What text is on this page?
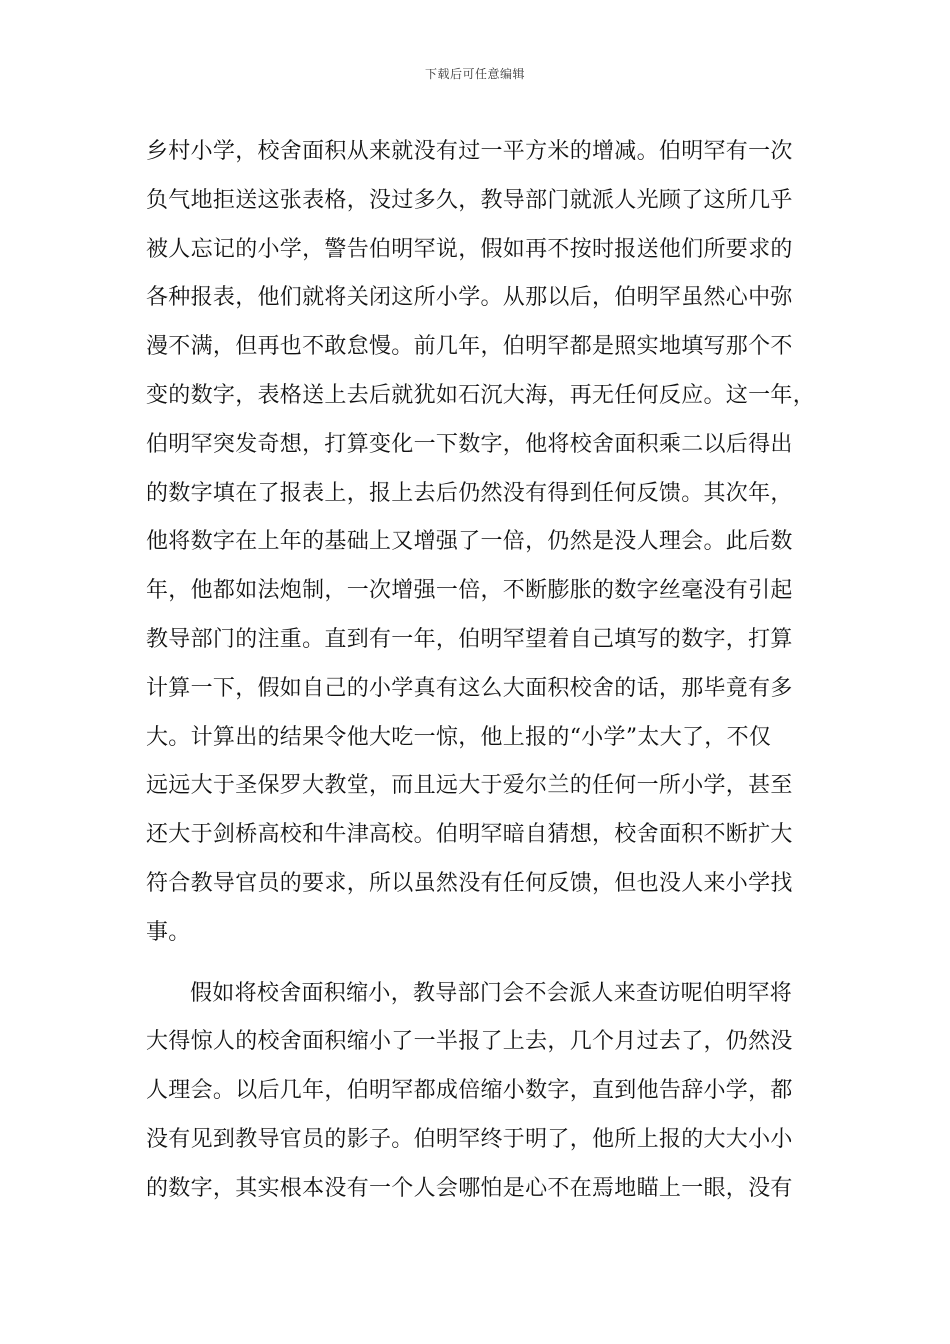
下载后可任意编辑
乡村小学，校舍面积从来就没有过一平方米的增减。伯明罕有一次
负气地拒送这张表格，没过多久，教导部门就派人光顾了这所几乎
被人忘记的小学，警告伯明罕说，假如再不按时报送他们所要求的
各种报表，他们就将关闭这所小学。从那以后，伯明罕虽然心中弥
漫不满，但再也不敢怠慢。前几年，伯明罕都是照实地填写那个不
变的数字，表格送上去后就犹如石沉大海，再无任何反应。这一年，
伯明罕突发奇想，打算变化一下数字，他将校舍面积乘二以后得出
的数字填在了报表上，报上去后仍然没有得到任何反馈。其次年，
他将数字在上年的基础上又增强了一倍，仍然是没人理会。此后数
年，他都如法炮制，一次增强一倍，不断膨胀的数字丝毫没有引起
教导部门的注重。直到有一年，伯明罕望着自己填写的数字，打算
计算一下，假如自己的小学真有这么大面积校舍的话，那毕竟有多
大。计算出的结果令他大吃一惊，他上报的“小学”太大了，不仅
远远大于圣保罗大教堂，而且远大于爱尔兰的任何一所小学，甚至
还大于剑桥高校和牛津高校。伯明罕暗自猜想，校舍面积不断扩大
符合教导官员的要求，所以虽然没有任何反馈，但也没人来小学找
事。
假如将校舍面积缩小，教导部门会不会派人来查访呢伯明罕将
大得惊人的校舍面积缩小了一半报了上去，几个月过去了，仍然没
人理会。以后几年，伯明罕都成倍缩小数字，直到他告辞小学，都
没有见到教导官员的影子。伯明罕终于明了，他所上报的大大小小
的数字，其实根本没有一个人会哪怕是心不在焉地瞄上一眼，没有
